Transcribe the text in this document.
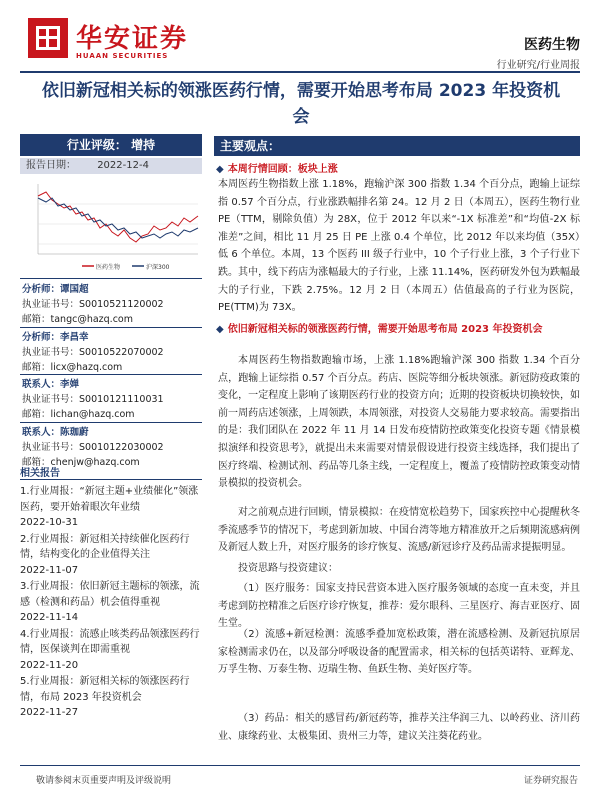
华安证券
HUAAN SECURITIES
医药生物
行业研究/行业周报
依旧新冠相关标的领涨医药行情，需要开始思考布局 2023 年投资机会
行业评级： 增持
报告日期： 2022-12-4
医药生物	沪深300
分析师：谭国超
执业证书号：S0010521120002
邮箱：tangc@hazq.com
分析师：李昌幸
执业证书号：S0010522070002
邮箱：licx@hazq.com
联系人：李婵
执业证书号：S0010121110031
邮箱：lichan@hazq.com
联系人：陈珈蔚
执业证书号：S0010122030002
邮箱：chenjw@hazq.com
相关报告
1.行业周报：“新冠主题+业绩催化”领涨医药，要开始着眼次年业绩
2022-10-31
2.行业周报：新冠相关持续催化医药行情，结构变化的企业值得关注
2022-11-07
3.行业周报：依旧新冠主题标的领涨，流感（检测和药品）机会值得重视
2022-11-14
4.行业周报：流感止咳类药品领涨医药行情，医保谈判在即需重视
2022-11-20
5.行业周报：新冠相关标的领涨医药行情，布局 2023 年投资机会
2022-11-27
主要观点：
◆ 本周行情回顾：板块上涨
本周医药生物指数上涨 1.18%，跑输沪深 300 指数 1.34 个百分点，跑输上证综指 0.57 个百分点，行业涨跌幅排名第 24。12 月 2 日（本周五），医药生物行业 PE（TTM，剔除负值）为 28X，位于 2012 年以来“-1X 标准差”和“均值-2X 标准差”之间，相比 11 月 25 日 PE 上涨 0.4 个单位，比 2012 年以来均值（35X）低 6 个单位。本周，13 个医药 III 级子行业中，10 个子行业上涨，3 个子行业下跌。其中，线下药店为涨幅最大的子行业，上涨 11.14%，医药研发外包为跌幅最大的子行业，下跌 2.75%。12 月 2 日（本周五）估值最高的子行业为医院，PE(TTM)为 73X。
◆ 依旧新冠相关标的领涨医药行情，需要开始思考布局 2023 年投资机会
本周医药生物指数跑输市场，上涨 1.18%跑输沪深 300 指数 1.34 个百分点，跑输上证综指 0.57 个百分点。药店、医院等细分板块领涨。新冠防疫政策的变化，一定程度上影响了该期医药行业的投资方向；近期的投资板块切换较快，如前一周药店述领涨，上周领跌，本周领涨，对投资人交易能力要求较高。需要指出的是：我们团队在 2022 年 11 月 14 日发布疫情防控政策变化投资专题《情景模拟演绎和投资思考》，就提出未来需要对情景假设进行投资主线选择，我们提出了医疗终端、检测试剂、药品等几条主线，一定程度上，覆盖了疫情防控政策变动情景模拟的投资机会。
对之前观点进行回顾，情景模拟：在疫情宽松趋势下，国家疾控中心提醒秋冬季流感季节的情况下，考虑到新加坡、中国台湾等地方精准放开之后频期流感病例及新冠人数上升，对医疗服务的诊疗恢复、流感/新冠诊疗及药品需求提振明显。
投资思路与投资建议：
（1）医疗服务：国家支持民营资本进入医疗服务领域的态度一直未变，并且考虑到防控精准之后医疗诊疗恢复，推荐：爱尔眼科、三星医疗、海吉亚医疗、固生堂。
（2）流感+新冠检测：流感季叠加宽松政策，潜在流感检测、及新冠抗原居家检测需求仍在，以及部分呼吸设备的配置需求，相关标的包括英诺特、亚辉龙、万孚生物、万泰生物、迈瑞生物、鱼跃生物、美好医疗等。
（3）药品：相关的感冒药/新冠药等，推荐关注华润三九、以岭药业、济川药业、康缘药业、太极集团、贵州三力等，建议关注葵花药业。
敬请参阅末页重要声明及评级说明	证券研究报告
